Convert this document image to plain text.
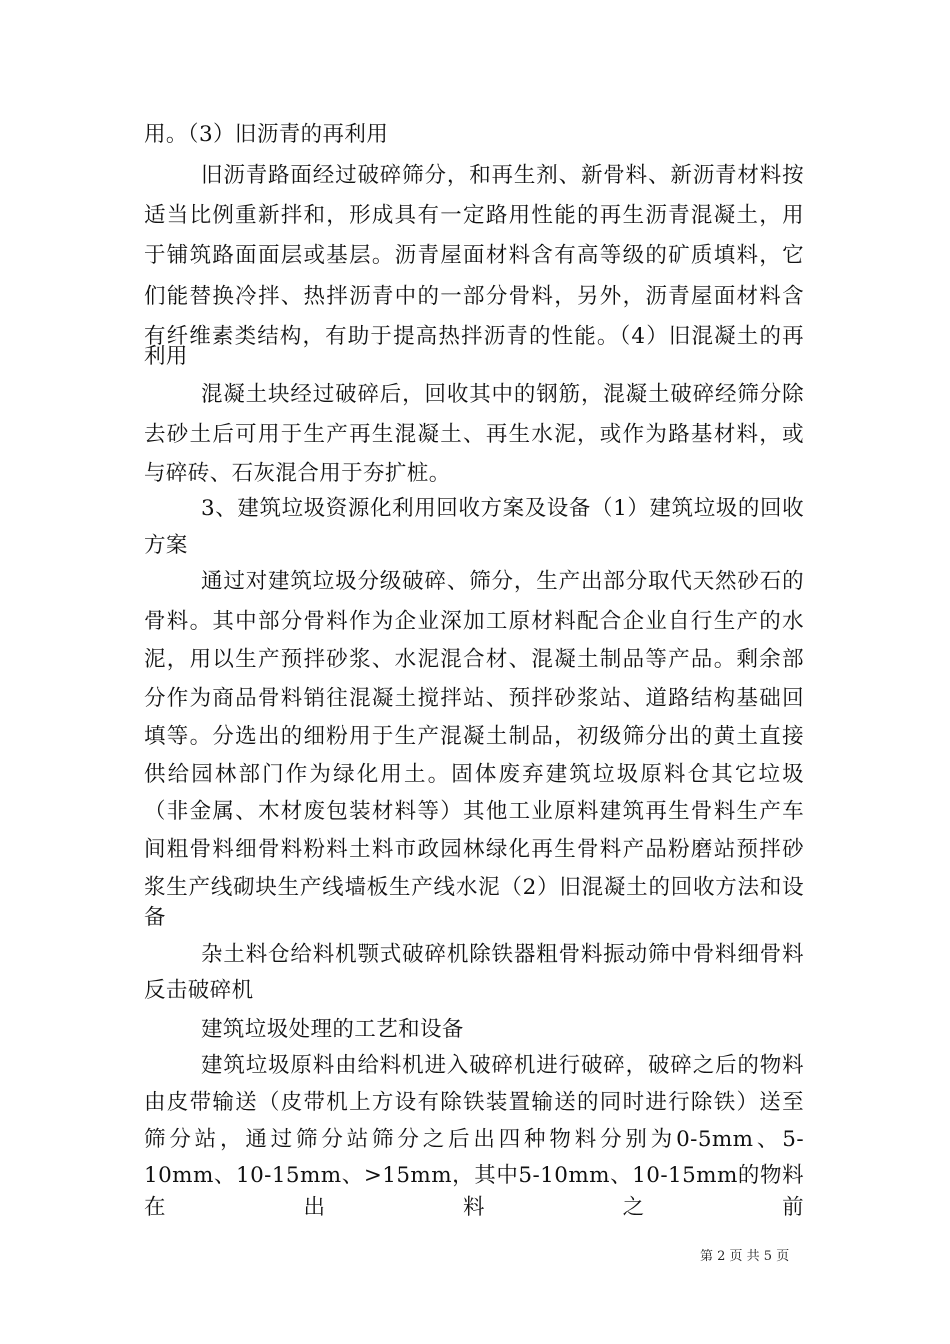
用。（3）旧沥青的再利用
旧沥青路面经过破碎筛分，和再生剂、新骨料、新沥青材料按
适当比例重新拌和，形成具有一定路用性能的再生沥青混凝土，用
于铺筑路面面层或基层。沥青屋面材料含有高等级的矿质填料，它
们能替换冷拌、热拌沥青中的一部分骨料，另外，沥青屋面材料含
有纤维素类结构，有助于提高热拌沥青的性能。（4）旧混凝土的再
利用
混凝土块经过破碎后，回收其中的钢筋，混凝土破碎经筛分除
去砂土后可用于生产再生混凝土、再生水泥，或作为路基材料，或
与碎砖、石灰混合用于夯扩桩。
3、建筑垃圾资源化利用回收方案及设备（1）建筑垃圾的回收
方案
通过对建筑垃圾分级破碎、筛分，生产出部分取代天然砂石的
骨料。其中部分骨料作为企业深加工原材料配合企业自行生产的水
泥，用以生产预拌砂浆、水泥混合材、混凝土制品等产品。剩余部
分作为商品骨料销往混凝土搅拌站、预拌砂浆站、道路结构基础回
填等。分选出的细粉用于生产混凝土制品，初级筛分出的黄土直接
供给园林部门作为绿化用土。固体废弃建筑垃圾原料仓其它垃圾
（非金属、木材废包装材料等）其他工业原料建筑再生骨料生产车
间粗骨料细骨料粉料土料市政园林绿化再生骨料产品粉磨站预拌砂
浆生产线砌块生产线墙板生产线水泥（2）旧混凝土的回收方法和设
备
杂土料仓给料机颚式破碎机除铁器粗骨料振动筛中骨料细骨料
反击破碎机
建筑垃圾处理的工艺和设备
建筑垃圾原料由给料机进入破碎机进行破碎，破碎之后的物料
由皮带输送（皮带机上方设有除铁装置输送的同时进行除铁）送至
筛分站，通过筛分站筛分之后出四种物料分别为0-5mm、5-
10mm、10-15mm、>15mm，其中5-10mm、10-15mm的物料在出料之前
第 2 页 共 5 页
